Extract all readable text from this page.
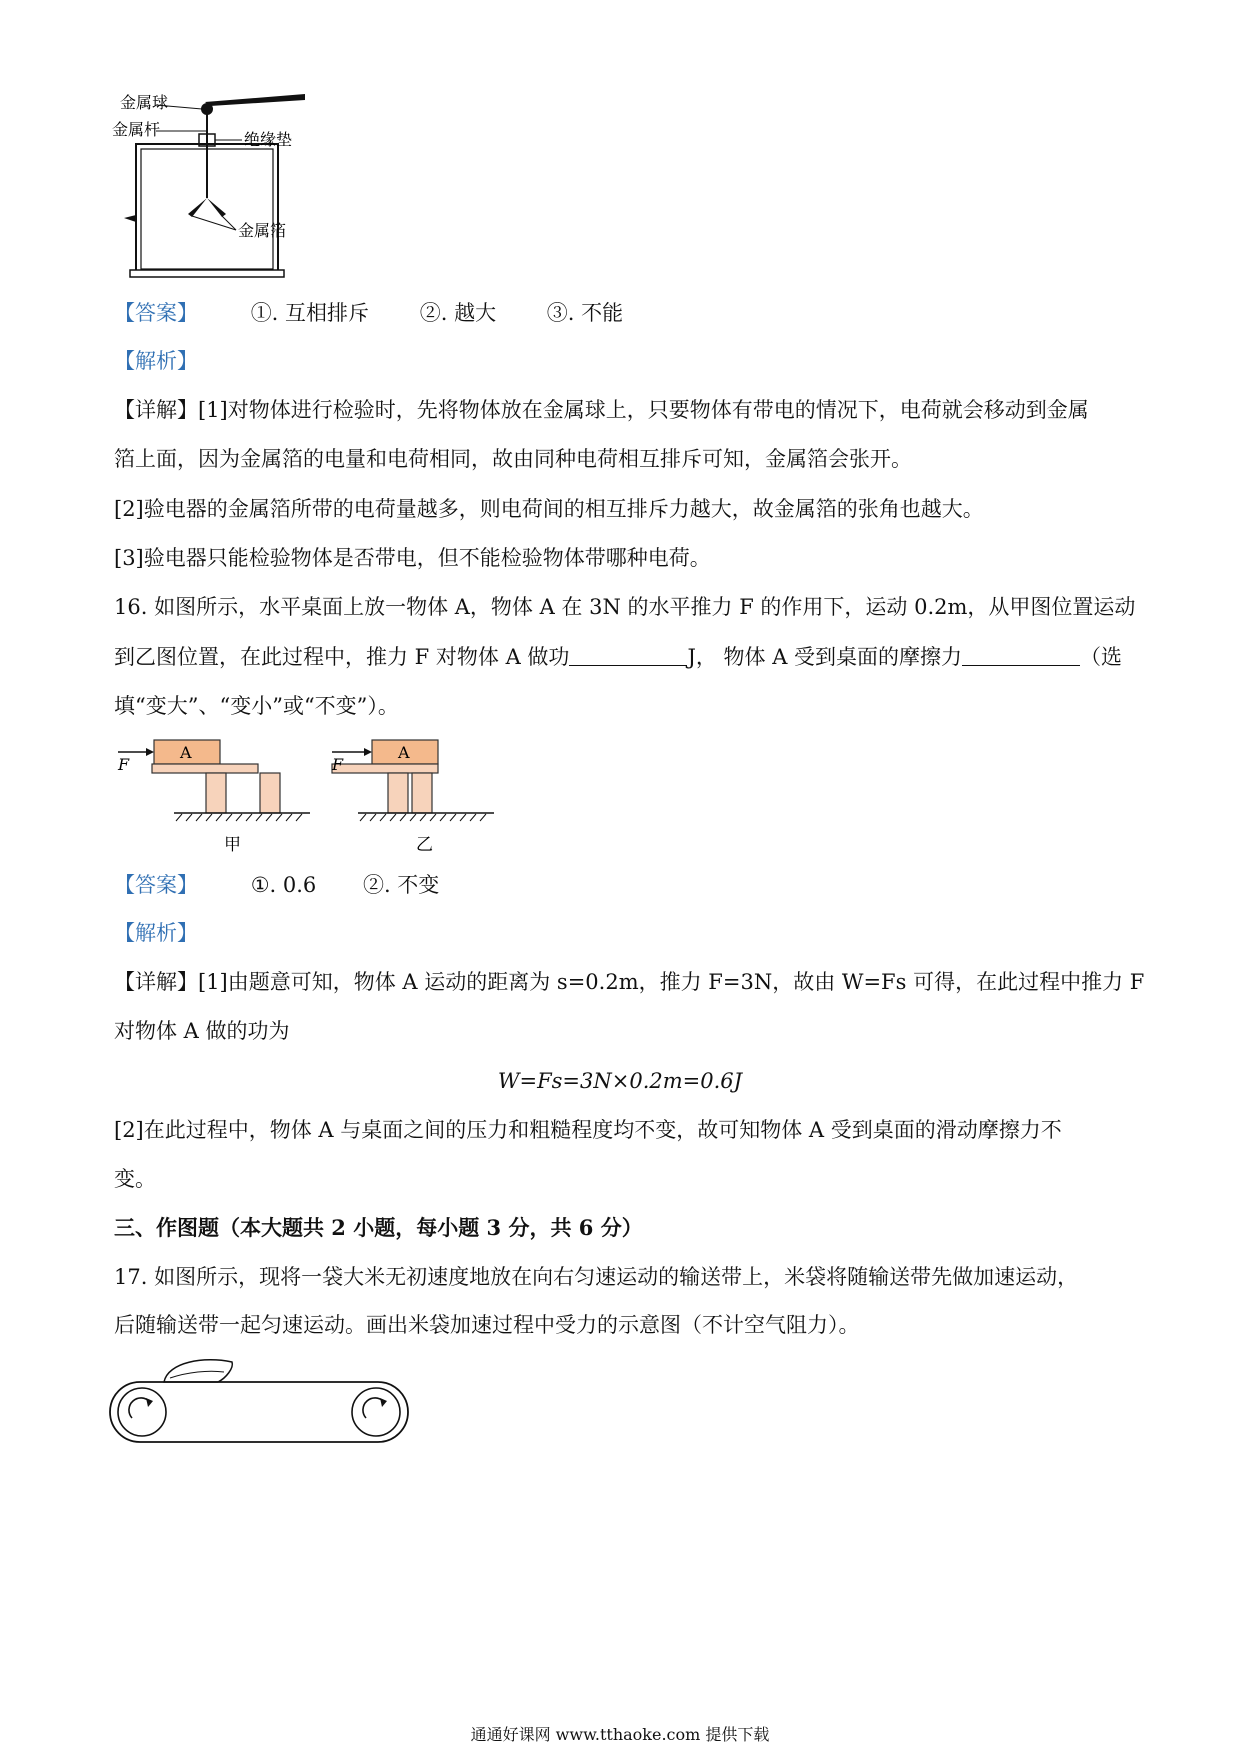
金属球
金属杆
绝缘垫
金属箔
【答案】	①. 互相排斥 ②. 越大 ③. 不能
【解析】
【详解】[1]对物体进行检验时，先将物体放在金属球上，只要物体有带电的情况下，电荷就会移动到金属
箔上面，因为金属箔的电量和电荷相同，故由同种电荷相互排斥可知，金属箔会张开。
[2]验电器的金属箔所带的电荷量越多，则电荷间的相互排斥力越大，故金属箔的张角也越大。
[3]验电器只能检验物体是否带电，但不能检验物体带哪种电荷。
16. 如图所示，水平桌面上放一物体 A，物体 A 在 3N 的水平推力 F 的作用下，运动 0.2m，从甲图位置运动
到乙图位置，在此过程中，推力 F 对物体 A 做功	J， 物体 A 受到桌面的摩擦力	（选
填“变大”、“变小”或“不变”）。
A
F
甲
A
F
乙
【答案】	①. 0.6 ②. 不变
【解析】
【详解】[1]由题意可知，物体 A 运动的距离为 s=0.2m，推力 F=3N，故由 W=Fs 可得，在此过程中推力 F
对物体 A 做的功为
W=Fs=3N×0.2m=0.6J
[2]在此过程中，物体 A 与桌面之间的压力和粗糙程度均不变，故可知物体 A 受到桌面的滑动摩擦力不
变。
三、作图题（本大题共 2 小题，每小题 3 分，共 6 分）
17. 如图所示，现将一袋大米无初速度地放在向右匀速运动的输送带上，米袋将随输送带先做加速运动，
后随输送带一起匀速运动。画出米袋加速过程中受力的示意图（不计空气阻力）。
通通好课网 www.tthaoke.com 提供下载
